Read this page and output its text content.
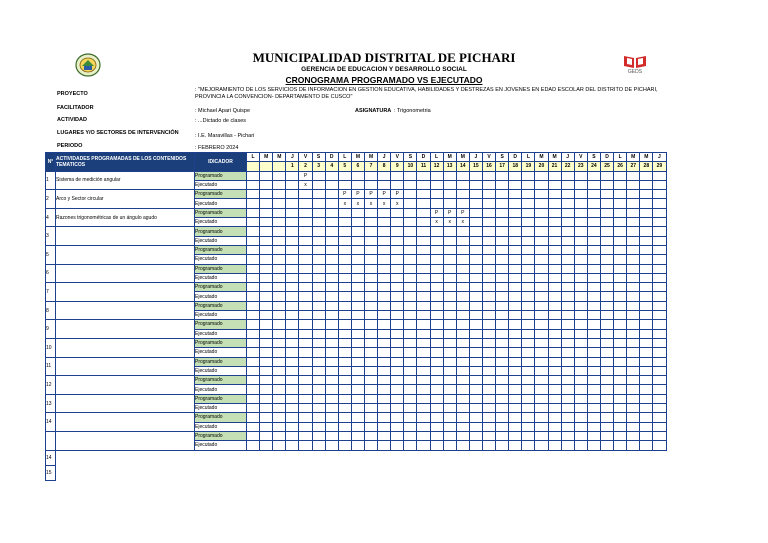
MUNICIPALIDAD DISTRITAL DE PICHARI
GERENCIA DE EDUCACION Y DESARROLLO SOCIAL
CRONOGRAMA PROGRAMADO VS EJECUTADO
GEDS
PROYECTO
: "MEJORAMIENTO DE LOS SERVICIOS DE INFORMACION EN GESTION EDUCATIVA, HABILIDADES Y DESTREZAS EN JOVENES EN EDAD ESCOLAR DEL DISTRITO DE PICHARI, PROVINCIA LA CONVENCION- DEPARTAMENTO DE CUSCO"
FACILITADOR	: Michael Apari Quispe	ASIGNATURA : Trigonometria
ACTIVIDAD	: ...Dictado de clases
LUGARES Y/O SECTORES DE INTERVENCIÓN	: I.E. Maravillas - Pichari
PERIODO	: FEBRERO 2024
N°	ACTIVIDADES PROGRAMADAS DE LOS CONTENIDOS TEMATICOS	IDICADOR	L	M	M	J	V	S	D	L	M	M	J	V	S	D	L	M	M	J	V	S	D	L	M	M	J	V	S	D	L	M	M	J
						1	2	3	4	5	6	7	8	9	10	11	12	13	14	15	16	17	18	19	20	21	22	23	24	25	26	27	28	29
1	Sistema de medición angular	Programado					P																											
		Ejecutado					x																											
2	Arco y Sector circular	Programado								P	P	P	P	P																				
		Ejecutado								x	x	x	x	x																				
4	Razones trigonométricas de un ángulo agudo	Programado															P	P	P															
		Ejecutado															x	x	x															
3		Programado																																
		Ejecutado																																
5		Programado																																
		Ejecutado																																
6		Programado																																
		Ejecutado																																
7		Programado																																
		Ejecutado																																
8		Programado																																
		Ejecutado																																
9		Programado																																
		Ejecutado																																
10		Programado																																
		Ejecutado																																
11		Programado																																
		Ejecutado																																
12		Programado																																
		Ejecutado																																
13		Programado																																
		Ejecutado																																
14		Programado																																
		Ejecutado																																
		Programado																																
		Ejecutado																																
14																																		
15																																		
